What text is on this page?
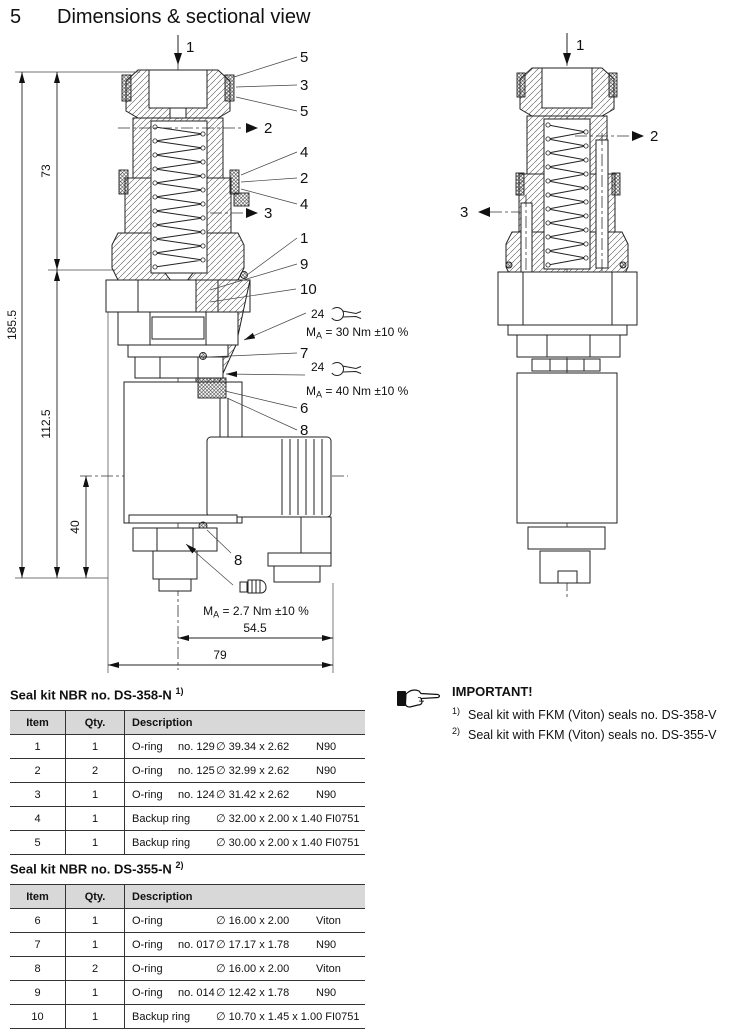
5 Dimensions & sectional view
1
2
3
185.5
73
112.5
40
54.5
79
5
3
5
4
2
4
1
9
10
7
6
8
8
24
$M_A = 30$ Nm ±10 %
24
$M_A = 40$ Nm ±10 %
$M_A = 2.7$ Nm ±10 %
1
2
3
IMPORTANT!
$^{1)}$ Seal kit with FKM (Viton) seals no. DS-358-V
$^{2)}$ Seal kit with FKM (Viton) seals no. DS-355-V
Seal kit NBR no. DS-358-N $^{1)}$
Item	Qty.	Description
1	1	O-ring	no. 129 ∅ 39.34 x 2.62	N90
2	2	O-ring	no. 125 ∅ 32.99 x 2.62	N90
3	1	O-ring	no. 124 ∅ 31.42 x 2.62	N90
4	1	Backup ring ∅ 32.00 x 2.00 x 1.40 FI0751
5	1	Backup ring ∅ 30.00 x 2.00 x 1.40 FI0751
Seal kit NBR no. DS-355-N $^{2)}$
Item	Qty.	Description
6	1	O-ring	∅ 16.00 x 2.00	Viton
7	1	O-ring	no. 017 ∅ 17.17 x 1.78	N90
8	2	O-ring	∅ 16.00 x 2.00	Viton
9	1	O-ring	no. 014 ∅ 12.42 x 1.78	N90
10	1	Backup ring ∅ 10.70 x 1.45 x 1.00 FI0751
